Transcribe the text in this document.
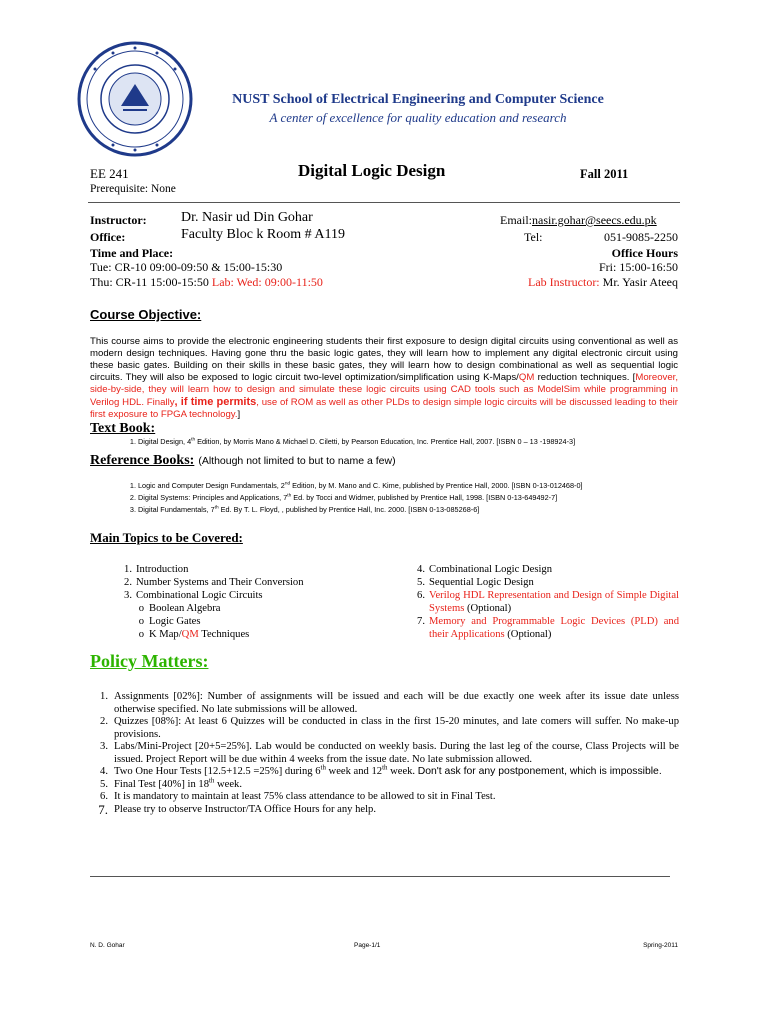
NUST School of Electrical Engineering and Computer Science
A center of excellence for quality education and research
EE 241	Digital Logic Design	Fall 2011
Prerequisite: None
Instructor: Dr. Nasir ud Din Gohar	Email:nasir.gohar@seecs.edu.pk
Office:	Faculty Bloc k Room # A119	Tel:	051-9085-2250
Time and Place:	Office Hours
Tue: CR-10 09:00-09:50 & 15:00-15:30	Fri: 15:00-16:50
Thu: CR-11 15:00-15:50 Lab: Wed: 09:00-11:50	Lab Instructor: Mr. Yasir Ateeq
Course Objective:
This course aims to provide the electronic engineering students their first exposure to design digital circuits using conventional as well as modern design techniques. Having gone thru the basic logic gates, they will learn how to implement any digital electronic circuit using these basic gates. Building on their skills in these basic gates, they will learn how to design combinational as well as sequential logic circuits. They will also be exposed to logic circuit two-level optimization/simplification using K-Maps/QM reduction techniques. [Moreover, side-by-side, they will learn how to design and simulate these logic circuits using CAD tools such as ModelSim while programming in Verilog HDL. Finally, if time permits, use of ROM as well as other PLDs to design simple logic circuits will be discussed leading to their first exposure to FPGA technology.]
Text Book:
1. Digital Design, 4th Edition, by Morris Mano & Michael D. Ciletti, by Pearson Education, Inc. Prentice Hall, 2007. [ISBN 0 – 13 -198924-3]
Reference Books: (Although not limited to but to name a few)
1. Logic and Computer Design Fundamentals, 2nd Edition, by M. Mano and C. Kime, published by Prentice Hall, 2000. [ISBN 0-13-012468-0]
2. Digital Systems: Principles and Applications, 7th Ed. by Tocci and Widmer, published by Prentice Hall, 1998. [ISBN 0-13-649492-7]
3. Digital Fundamentals, 7th Ed. By T. L. Floyd, , published by Prentice Hall, Inc. 2000. [ISBN 0-13-085268-6]
Main Topics to be Covered:
1. Introduction
2. Number Systems and Their Conversion
3. Combinational Logic Circuits
o Boolean Algebra
o Logic Gates
o K Map/QM Techniques
4. Combinational Logic Design
5. Sequential Logic Design
6. Verilog HDL Representation and Design of Simple Digital Systems (Optional)
7. Memory and Programmable Logic Devices (PLD) and their Applications (Optional)
Policy Matters:
1. Assignments [02%]: Number of assignments will be issued and each will be due exactly one week after its issue date unless otherwise specified. No late submissions will be allowed.
2. Quizzes [08%]: At least 6 Quizzes will be conducted in class in the first 15-20 minutes, and late comers will suffer. No make-up provisions.
3. Labs/Mini-Project [20+5=25%]. Lab would be conducted on weekly basis. During the last leg of the course, Class Projects will be issued. Project Report will be due within 4 weeks from the issue date. No late submission allowed.
4. Two One Hour Tests [12.5+12.5 =25%] during 6th week and 12th week. Don't ask for any postponement, which is impossible.
5. Final Test [40%] in 18th week.
6. It is mandatory to maintain at least 75% class attendance to be allowed to sit in Final Test.
7. Please try to observe Instructor/TA Office Hours for any help.
N. D. Gohar	Page-1/1	Spring-2011
